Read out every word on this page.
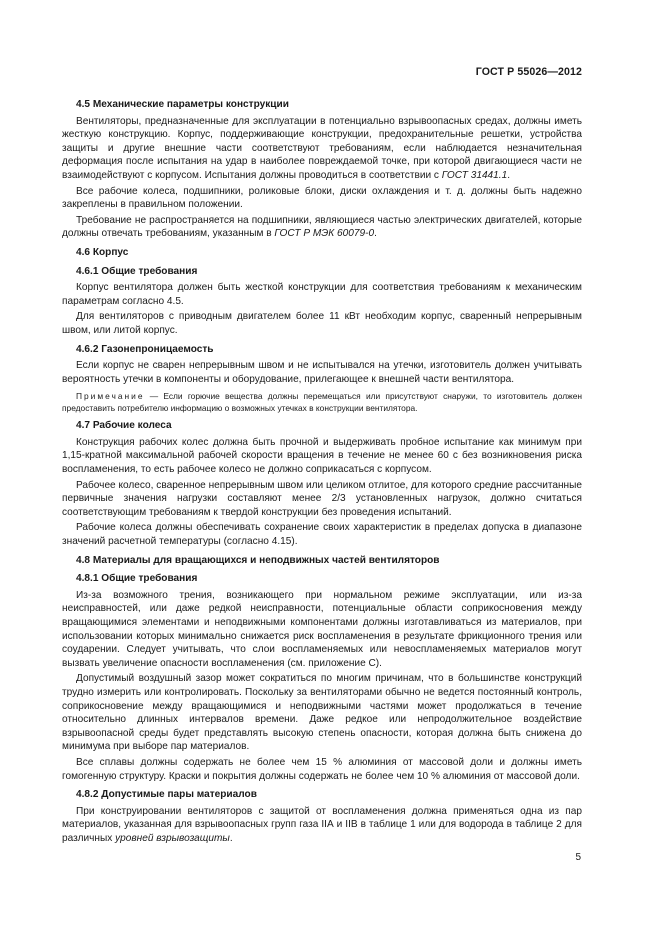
ГОСТ Р 55026—2012
4.5 Механические параметры конструкции
Вентиляторы, предназначенные для эксплуатации в потенциально взрывоопасных средах, должны иметь жесткую конструкцию. Корпус, поддерживающие конструкции, предохранительные решетки, устройства защиты и другие внешние части соответствуют требованиям, если наблюдается незначительная деформация после испытания на удар в наиболее повреждаемой точке, при которой двигающиеся части не взаимодействуют с корпусом. Испытания должны проводиться в соответствии с ГОСТ 31441.1.
Все рабочие колеса, подшипники, роликовые блоки, диски охлаждения и т. д. должны быть надежно закреплены в правильном положении.
Требование не распространяется на подшипники, являющиеся частью электрических двигателей, которые должны отвечать требованиям, указанным в ГОСТ Р МЭК 60079-0.
4.6 Корпус
4.6.1 Общие требования
Корпус вентилятора должен быть жесткой конструкции для соответствия требованиям к механическим параметрам согласно 4.5.
Для вентиляторов с приводным двигателем более 11 кВт необходим корпус, сваренный непрерывным швом, или литой корпус.
4.6.2 Газонепроницаемость
Если корпус не сварен непрерывным швом и не испытывался на утечки, изготовитель должен учитывать вероятность утечки в компоненты и оборудование, прилегающее к внешней части вентилятора.
Примечание — Если горючие вещества должны перемещаться или присутствуют снаружи, то изготовитель должен предоставить потребителю информацию о возможных утечках в конструкции вентилятора.
4.7 Рабочие колеса
Конструкция рабочих колес должна быть прочной и выдерживать пробное испытание как минимум при 1,15-кратной максимальной рабочей скорости вращения в течение не менее 60 с без возникновения риска воспламенения, то есть рабочее колесо не должно соприкасаться с корпусом.
Рабочее колесо, сваренное непрерывным швом или целиком отлитое, для которого средние рассчитанные первичные значения нагрузки составляют менее 2/3 установленных нагрузок, должно считаться соответствующим требованиям к твердой конструкции без проведения испытаний.
Рабочие колеса должны обеспечивать сохранение своих характеристик в пределах допуска в диапазоне значений расчетной температуры (согласно 4.15).
4.8 Материалы для вращающихся и неподвижных частей вентиляторов
4.8.1 Общие требования
Из-за возможного трения, возникающего при нормальном режиме эксплуатации, или из-за неисправностей, или даже редкой неисправности, потенциальные области соприкосновения между вращающимися элементами и неподвижными компонентами должны изготавливаться из материалов, при использовании которых минимально снижается риск воспламенения в результате фрикционного трения или соударении. Следует учитывать, что слои воспламеняемых или невоспламеняемых материалов могут вызвать увеличение опасности воспламенения (см. приложение С).
Допустимый воздушный зазор может сократиться по многим причинам, что в большинстве конструкций трудно измерить или контролировать. Поскольку за вентиляторами обычно не ведется постоянный контроль, соприкосновение между вращающимися и неподвижными частями может продолжаться в течение относительно длинных интервалов времени. Даже редкое или непродолжительное воздействие взрывоопасной среды будет представлять высокую степень опасности, которая должна быть снижена до минимума при выборе пар материалов.
Все сплавы должны содержать не более чем 15 % алюминия от массовой доли и должны иметь гомогенную структуру. Краски и покрытия должны содержать не более чем 10 % алюминия от массовой доли.
4.8.2 Допустимые пары материалов
При конструировании вентиляторов с защитой от воспламенения должна применяться одна из пар материалов, указанная для взрывоопасных групп газа IIА и IIВ в таблице 1 или для водорода в таблице 2 для различных уровней взрывозащиты.
5
